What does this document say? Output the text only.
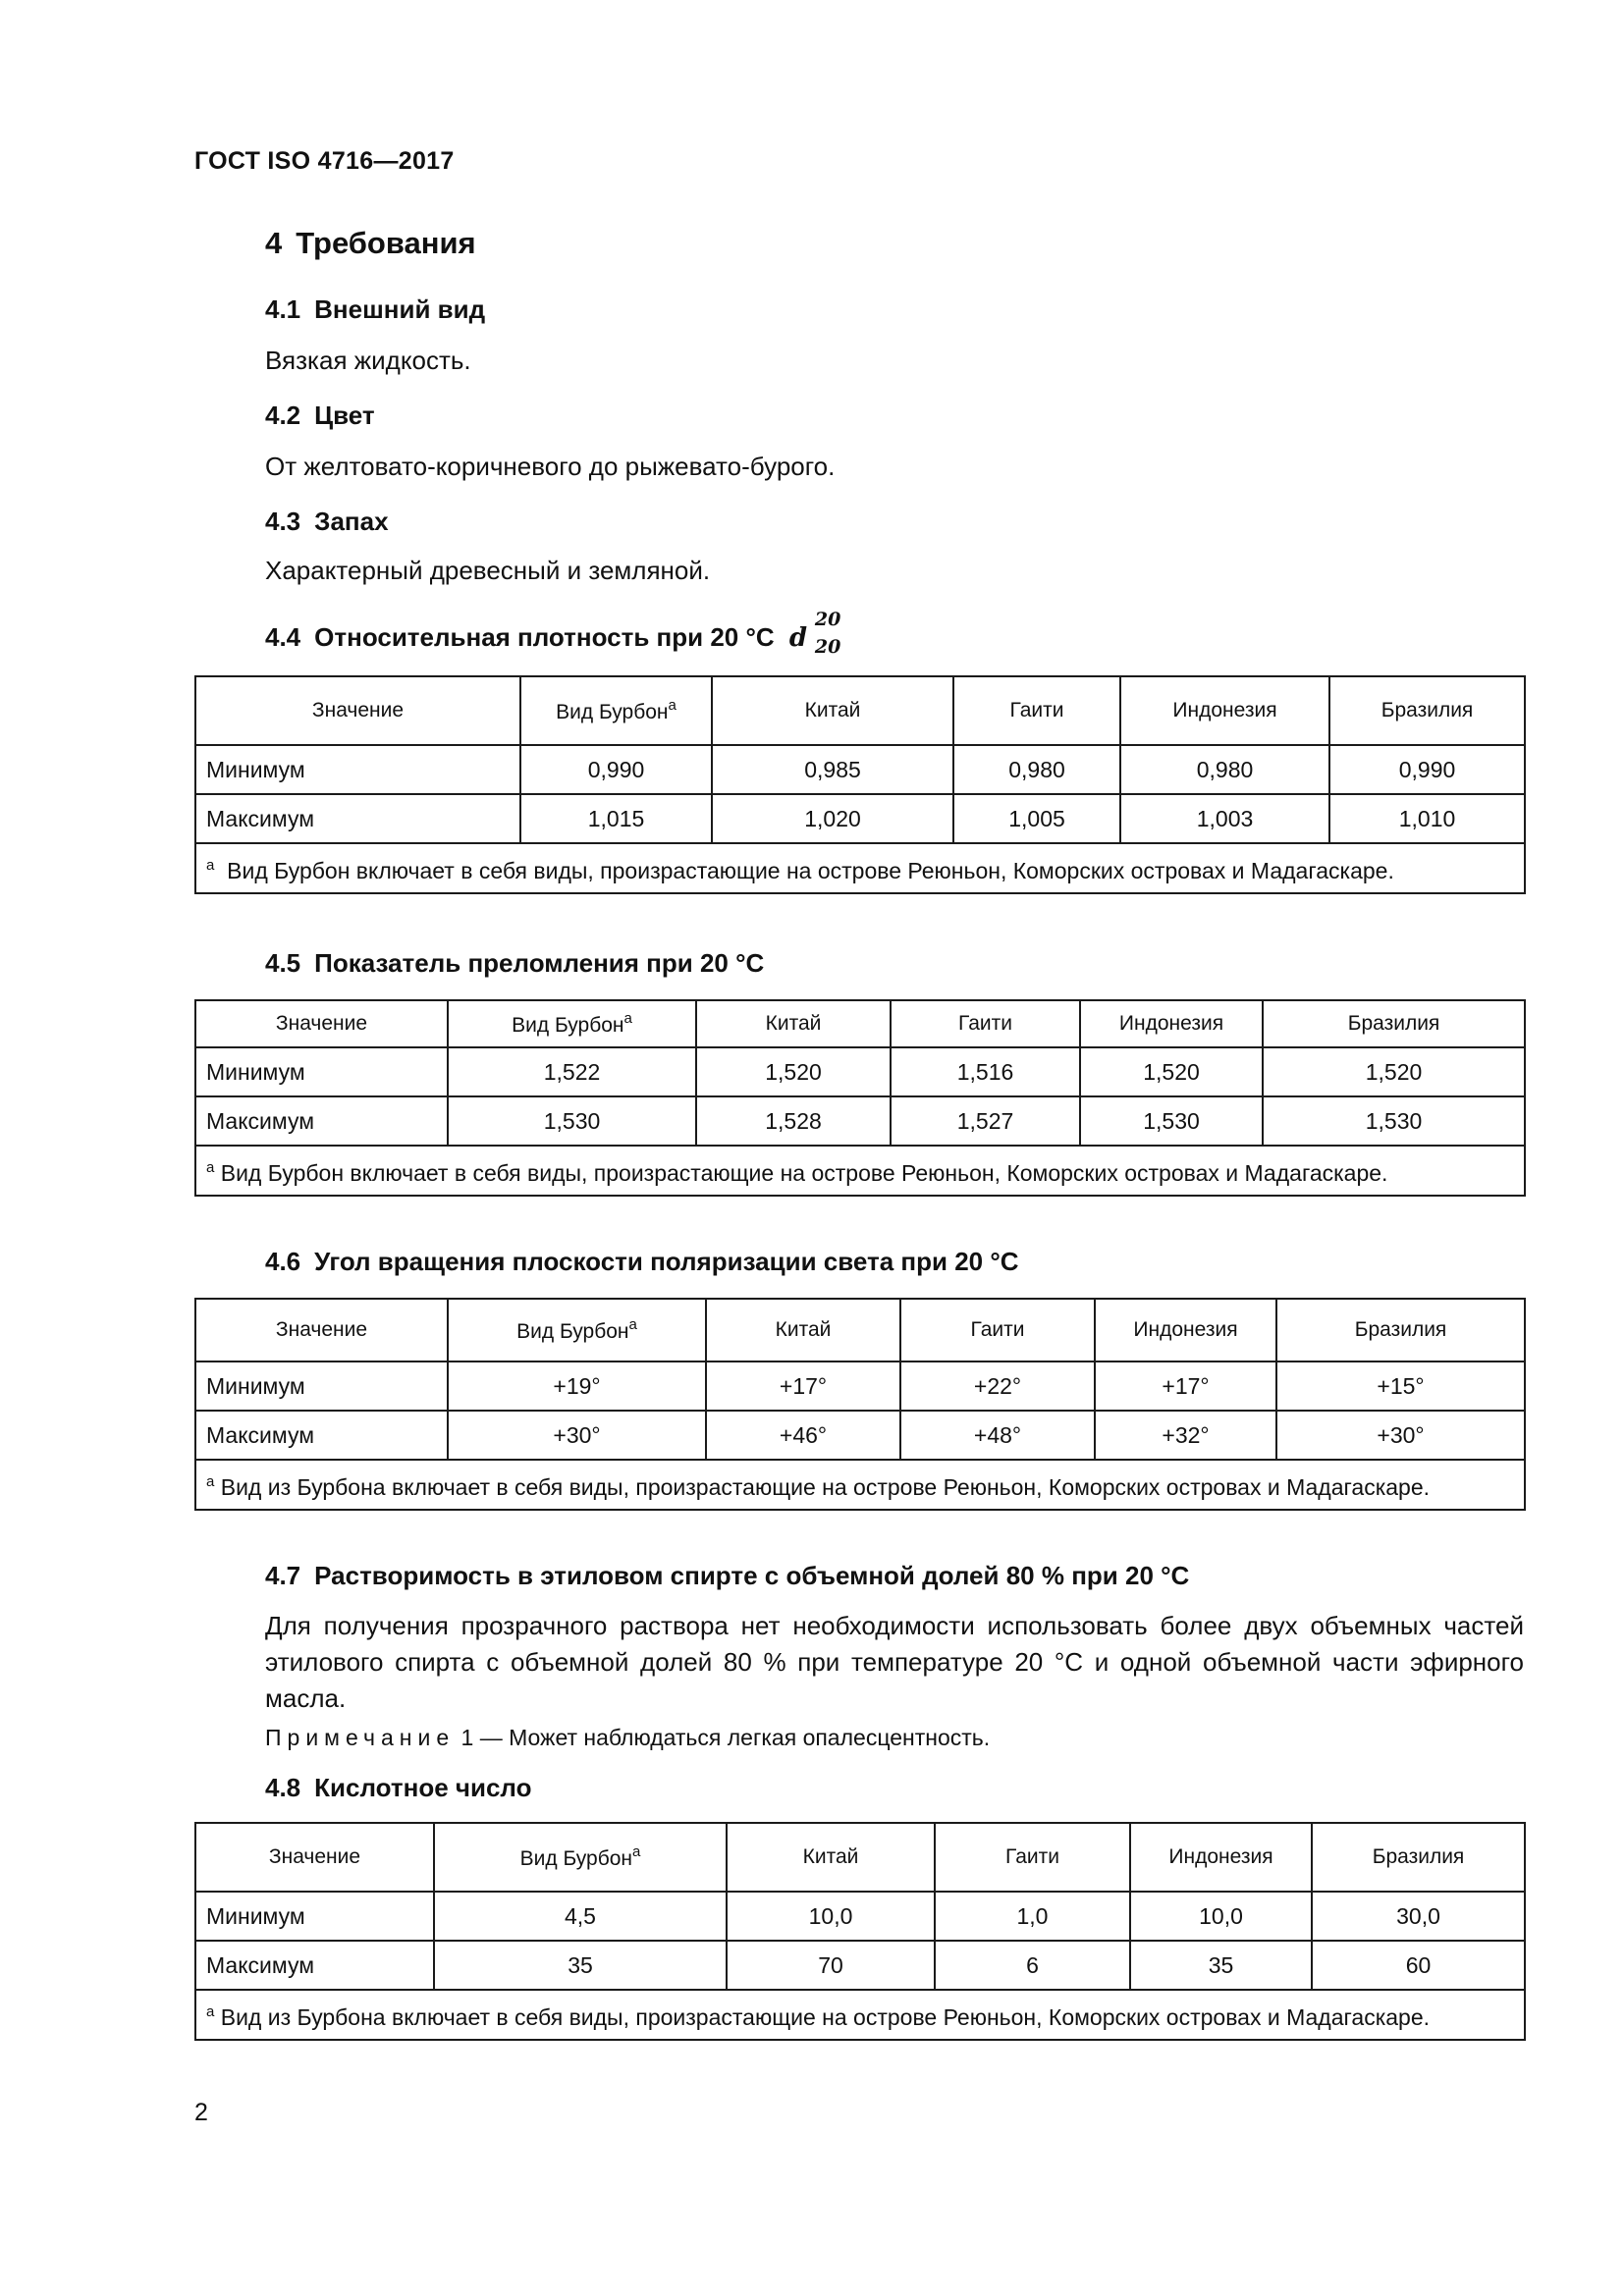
ГОСТ ISO 4716—2017
4 Требования
4.1 Внешний вид
Вязкая жидкость.
4.2 Цвет
От желтовато-коричневого до рыжевато-бурого.
4.3 Запах
Характерный древесный и земляной.
4.4 Относительная плотность при 20 °C d
20
20
Значение	Вид Бурбон$^a$	Китай	Гаити	Индонезия	Бразилия
Минимум	0,990	0,985	0,980	0,980	0,990
Максимум	1,015	1,020	1,005	1,003	1,010
$^a$ Вид Бурбон включает в себя виды, произрастающие на острове Реюньон, Коморских островах и Мадагаскаре.					
4.5 Показатель преломления при 20 °C
Значение	Вид Бурбон$^a$	Китай	Гаити	Индонезия	Бразилия
Минимум	1,522	1,520	1,516	1,520	1,520
Максимум	1,530	1,528	1,527	1,530	1,530
$^a$ Вид Бурбон включает в себя виды, произрастающие на острове Реюньон, Коморских островах и Мадагаскаре.					
4.6 Угол вращения плоскости поляризации света при 20 °C
Значение	Вид Бурбон$^a$	Китай	Гаити	Индонезия	Бразилия
Минимум	+19°	+17°	+22°	+17°	+15°
Максимум	+30°	+46°	+48°	+32°	+30°
$^a$ Вид из Бурбона включает в себя виды, произрастающие на острове Реюньон, Коморских островах и Мадагаскаре.					
4.7 Растворимость в этиловом спирте с объемной долей 80 % при 20 °C
Для получения прозрачного раствора нет необходимости использовать более двух объемных частей этилового спирта с объемной долей 80 % при температуре 20 °C и одной объемной части эфирного масла.
Примечание 1 — Может наблюдаться легкая опалесцентность.
4.8 Кислотное число
Значение	Вид Бурбон$^a$	Китай	Гаити	Индонезия	Бразилия
Минимум	4,5	10,0	1,0	10,0	30,0
Максимум	35	70	6	35	60
$^a$ Вид из Бурбона включает в себя виды, произрастающие на острове Реюньон, Коморских островах и Мадагаскаре.					
2
